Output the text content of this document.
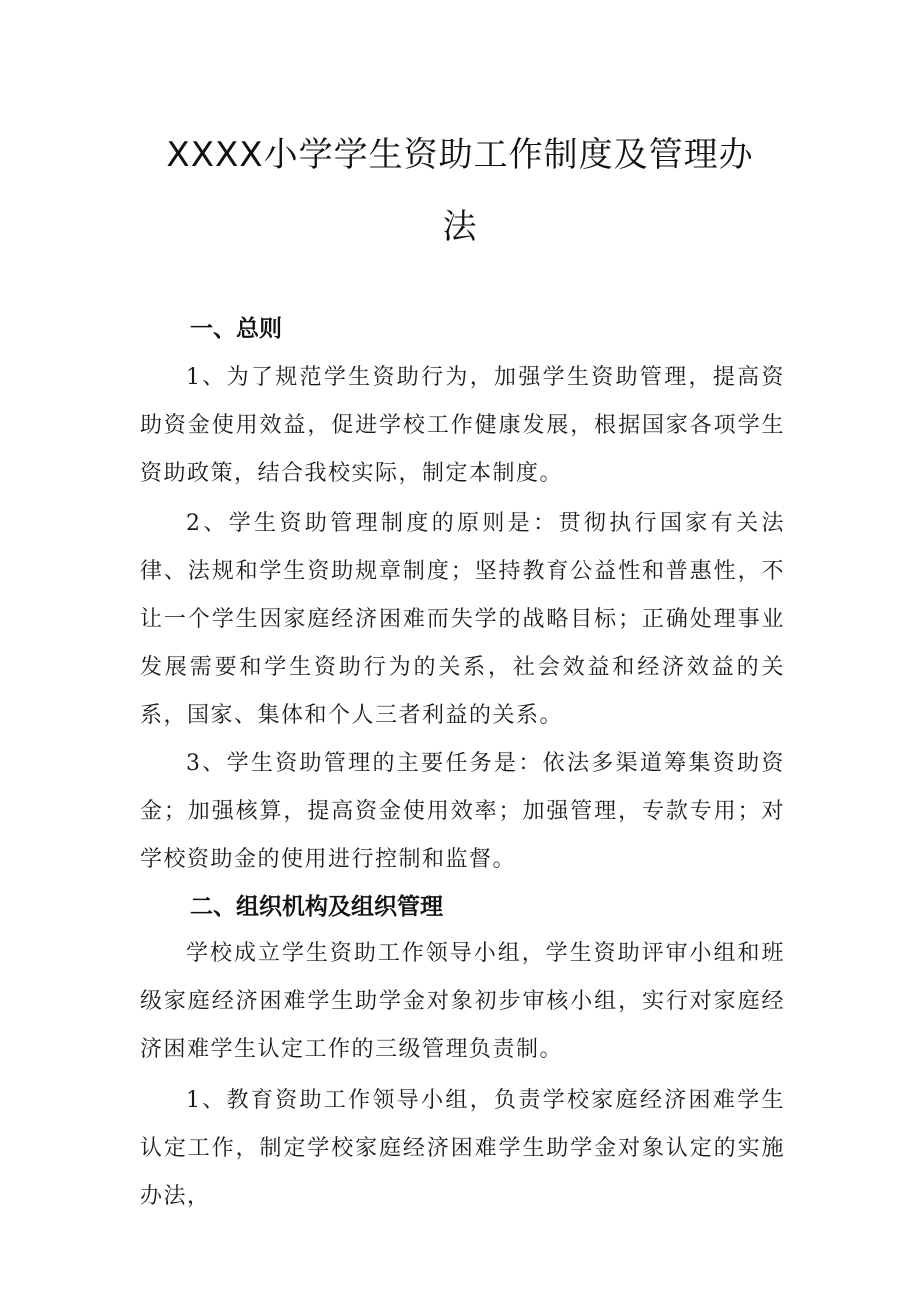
XXXX小学学生资助工作制度及管理办
法
一、总则
1、为了规范学生资助行为，加强学生资助管理，提高资助资金使用效益，促进学校工作健康发展，根据国家各项学生资助政策，结合我校实际，制定本制度。
2、学生资助管理制度的原则是：贯彻执行国家有关法律、法规和学生资助规章制度；坚持教育公益性和普惠性，不让一个学生因家庭经济困难而失学的战略目标；正确处理事业发展需要和学生资助行为的关系，社会效益和经济效益的关系，国家、集体和个人三者利益的关系。
3、学生资助管理的主要任务是：依法多渠道筹集资助资金；加强核算，提高资金使用效率；加强管理，专款专用；对学校资助金的使用进行控制和监督。
二、组织机构及组织管理
学校成立学生资助工作领导小组，学生资助评审小组和班级家庭经济困难学生助学金对象初步审核小组，实行对家庭经济困难学生认定工作的三级管理负责制。
1、教育资助工作领导小组，负责学校家庭经济困难学生认定工作，制定学校家庭经济困难学生助学金对象认定的实施办法，
